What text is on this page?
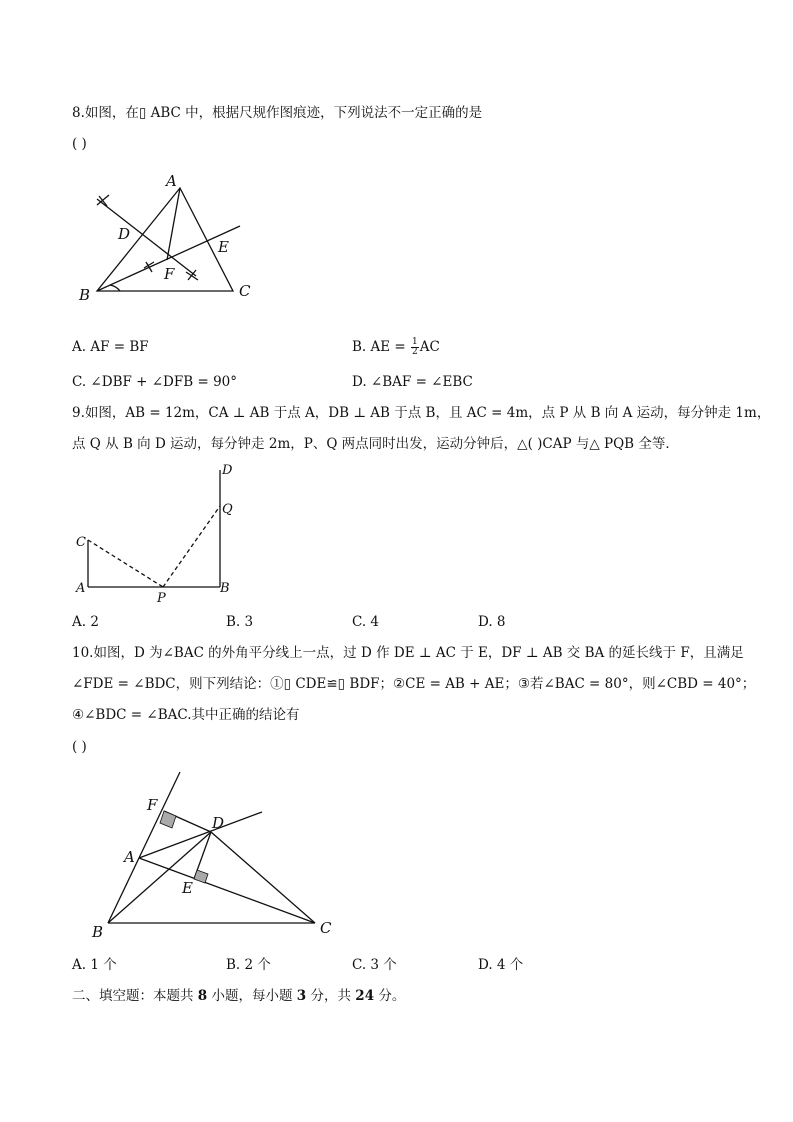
8.如图，在▯ ABC 中，根据尺规作图痕迹，下列说法不一定正确的是
( )
A
B	C
D
E
F
A. AF = BF	B. AE = $\frac{1}{2}$ AC
C. ∠DBF + ∠DFB = 90°	D. ∠BAF = ∠EBC
9.如图，AB = 12m，CA ⊥ AB 于点 A，DB ⊥ AB 于点 B，且 AC = 4m，点 P 从 B 向 A 运动，每分钟走 1m，
点 Q 从 B 向 D 运动，每分钟走 2m，P、Q 两点同时出发，运动分钟后，△( )CAP 与△ PQB 全等．
C
A
P
B
D
Q
A. 2	B. 3	C. 4	D. 8
10.如图，D 为∠BAC 的外角平分线上一点，过 D 作 DE ⊥ AC 于 E，DF ⊥ AB 交 BA 的延长线于 F，且满足
∠FDE = ∠BDC，则下列结论：①▯ CDE≌▯ BDF；②CE = AB + AE；③若∠BAC = 80°，则∠CBD = 40°；
④∠BDC = ∠BAC.其中正确的结论有
( )
F
D
A
E
B	C
A. 1 个	B. 2 个	C. 3 个	D. 4 个
二、填空题：本题共 8 小题，每小题 3 分，共 24 分。
